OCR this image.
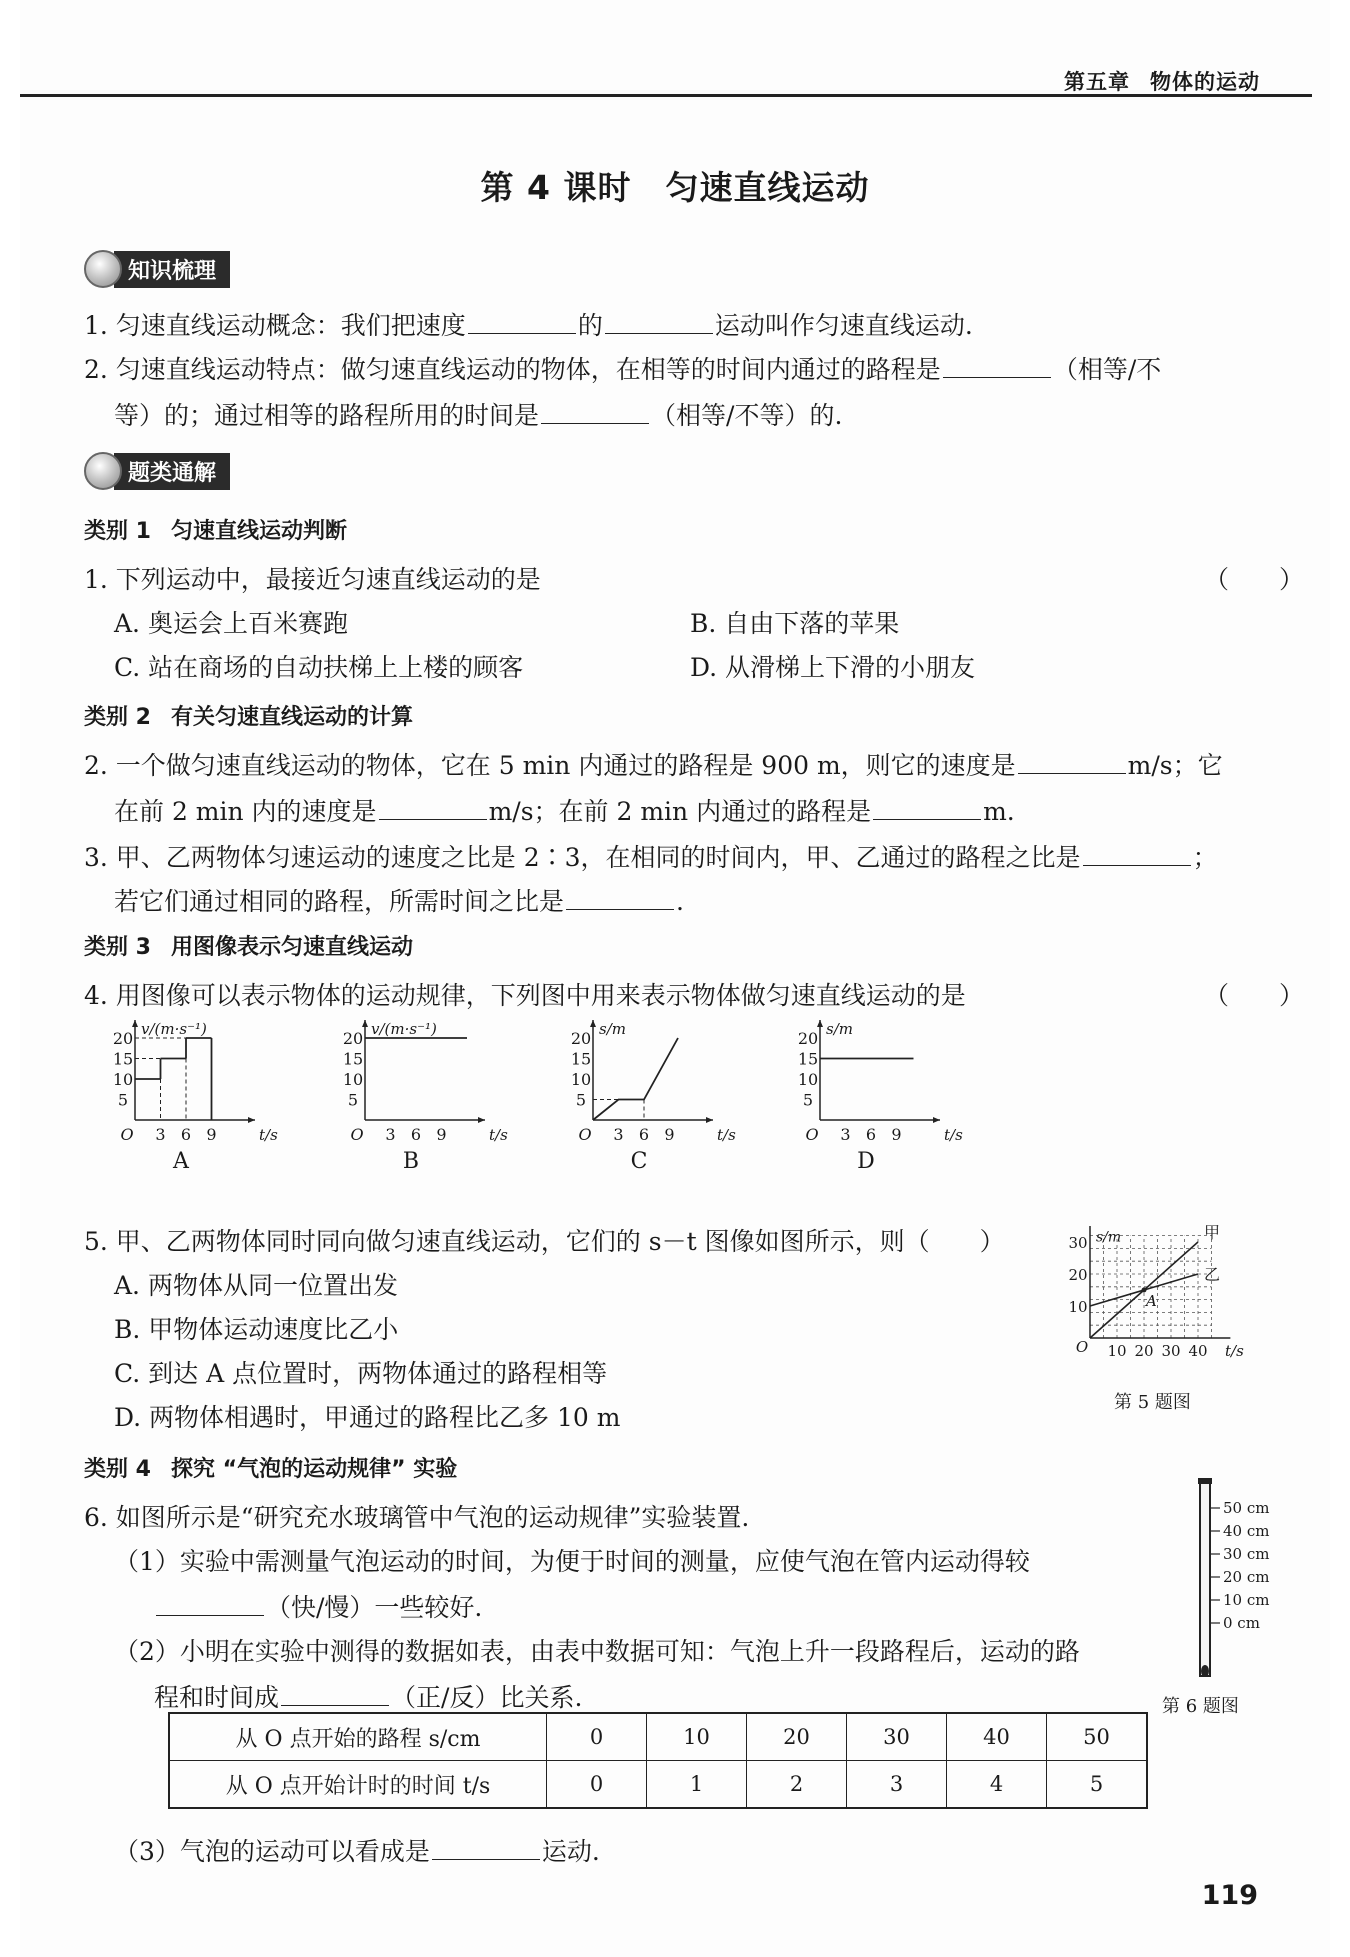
第五章 物体的运动
第 4 课时 匀速直线运动
知识梳理
1. 匀速直线运动概念：我们把速度	的	运动叫作匀速直线运动.
2. 匀速直线运动特点：做匀速直线运动的物体，在相等的时间内通过的路程是	（相等/不
等）的；通过相等的路程所用的时间是	（相等/不等）的.
题类通解
类别 1 匀速直线运动判断
1. 下列运动中，最接近匀速直线运动的是	（　　）
A. 奥运会上百米赛跑	B. 自由下落的苹果
C. 站在商场的自动扶梯上上楼的顾客	D. 从滑梯上下滑的小朋友
类别 2 有关匀速直线运动的计算
2. 一个做匀速直线运动的物体，它在 5 min 内通过的路程是 900 m，则它的速度是	m/s；它
在前 2 min 内的速度是	m/s；在前 2 min 内通过的路程是	m.
3. 甲、乙两物体匀速运动的速度之比是 2∶3，在相同的时间内，甲、乙通过的路程之比是	；
若它们通过相同的路程，所需时间之比是	.
类别 3 用图像表示匀速直线运动
4. 用图像可以表示物体的运动规律，下列图中用来表示物体做匀速直线运动的是	（　　）
v/(m·s⁻¹)
t/s
O 3 6 9
5
10
15
20
A
v/(m·s⁻¹)
t/s
O 3 6 9
5
10
15
20
B
s/m
t/s
O 3 6 9
5
10
15
20
C
s/m
t/s
O 3 6 9
5
10
15
20
D
5. 甲、乙两物体同时同向做匀速直线运动，它们的 s－t 图像如图所示，则（　　）
A. 两物体从同一位置出发
B. 甲物体运动速度比乙小
C. 到达 A 点位置时，两物体通过的路程相等
D. 两物体相遇时，甲通过的路程比乙多 10 m
s/m
t/s
O 10 20 30 40
10
20
30
甲
乙
A
第 5 题图
类别 4 探究 “气泡的运动规律” 实验
6. 如图所示是“研究充水玻璃管中气泡的运动规律”实验装置.
（1）实验中需测量气泡运动的时间，为便于时间的测量，应使气泡在管内运动得较
（快/慢）一些较好.
（2）小明在实验中测得的数据如表，由表中数据可知：气泡上升一段路程后，运动的路
程和时间成	（正/反）比关系.
50 cm
40 cm
30 cm
20 cm
10 cm
0 cm
第 6 题图
从 O 点开始的路程 s/cm	0	10	20	30	40	50
从 O 点开始计时的时间 t/s	0	1	2	3	4	5
（3）气泡的运动可以看成是	运动.
119
